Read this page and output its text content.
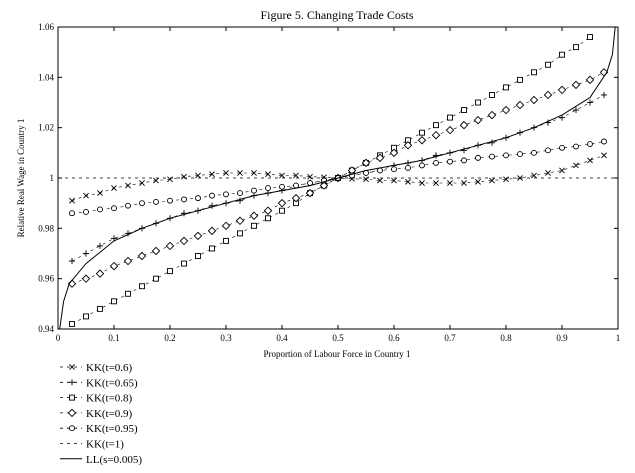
Figure 5. Changing Trade Costs
0.94
0.96
0.98
1
1.02
1.04
1.06
0	0.1	0.2	0.3	0.4	0.5	0.6	0.7	0.8	0.9	1
Proportion of Labour Force in Country 1
Relative Real Wage in Country 1
KK(t=0.6)
KK(t=0.65)
KK(t=0.8)
KK(t=0.9)
KK(t=0.95)
KK(t=1)
LL(s=0.005)
